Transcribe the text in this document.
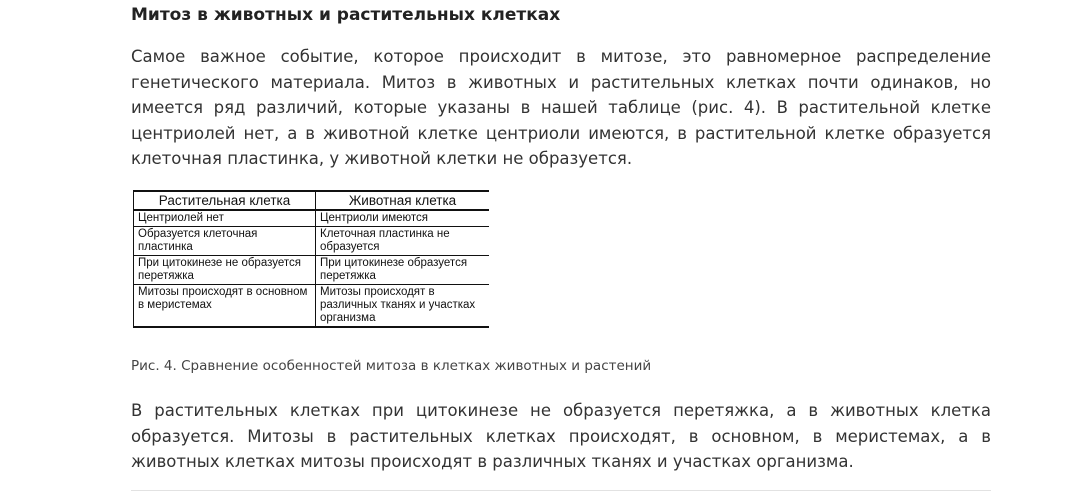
Митоз в животных и растительных клетках

Самое важное событие, которое происходит в митозе, это равномерное распределение генетического материала. Митоз в животных и растительных клетках почти одинаков, но имеется ряд различий, которые указаны в нашей таблице (рис. 4). В растительной клетке центриолей нет, а в животной клетке центриоли имеются, в растительной клетке образуется клеточная пластинка, у животной клетки не образуется.

Растительная клетка	Животная клетка
Центриолей нет	Центриоли имеются
Образуется клеточная пластинка	Клеточная пластинка не образуется
При цитокинезе не образуется перетяжка	При цитокинезе образуется перетяжка
Митозы происходят в основном в меристемах	Митозы происходят в различных тканях и участках организма

Рис. 4. Сравнение особенностей митоза в клетках животных и растений

В растительных клетках при цитокинезе не образуется перетяжка, а в животных клетка образуется. Митозы в растительных клетках происходят, в основном, в меристемах, а в животных клетках митозы происходят в различных тканях и участках организма.
